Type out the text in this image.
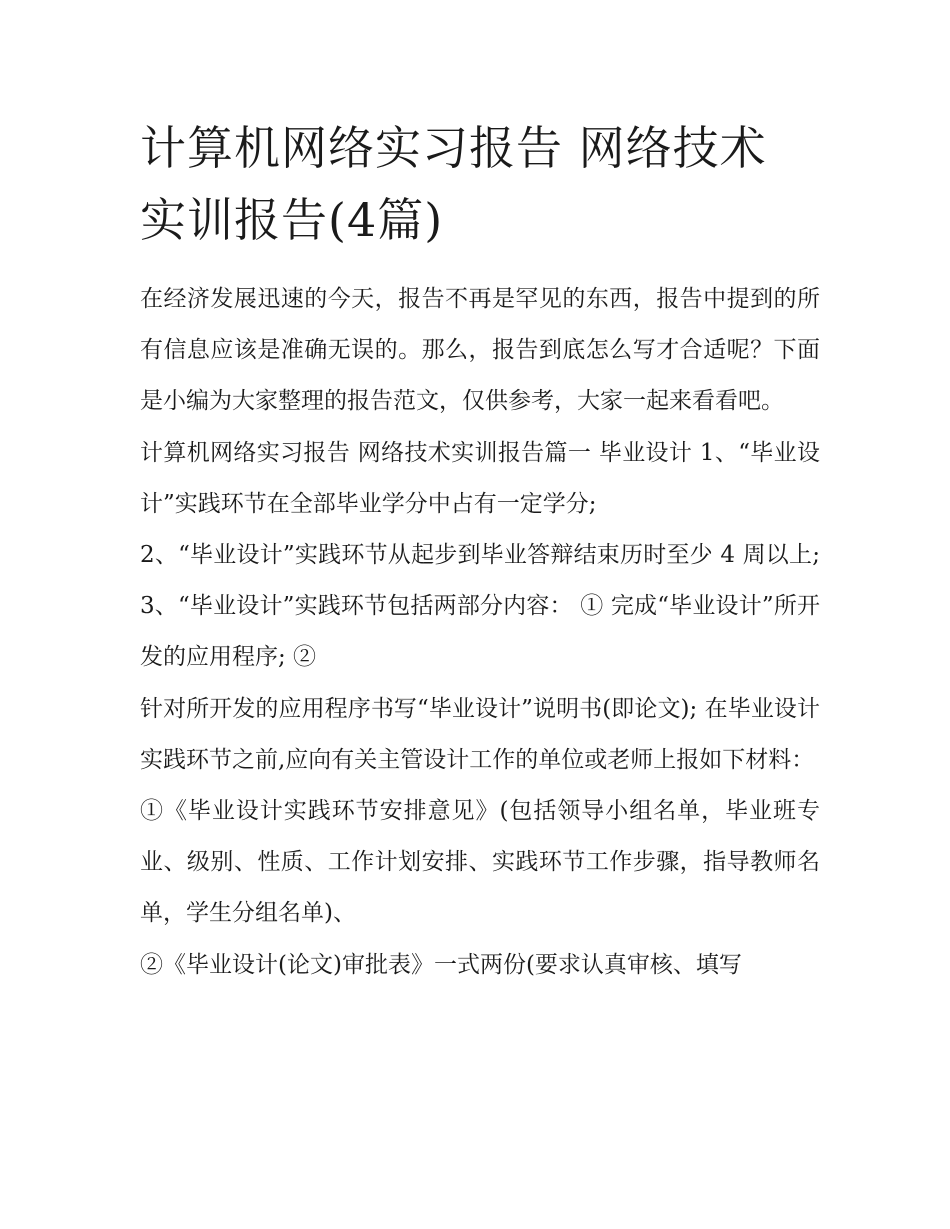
计算机网络实习报告 网络技术实训报告(4篇)

在经济发展迅速的今天，报告不再是罕见的东西，报告中提到的所有信息应该是准确无误的。那么，报告到底怎么写才合适呢？下面是小编为大家整理的报告范文，仅供参考，大家一起来看看吧。

计算机网络实习报告 网络技术实训报告篇一 毕业设计 1、“毕业设计”实践环节在全部毕业学分中占有一定学分;

2、“毕业设计”实践环节从起步到毕业答辩结束历时至少 4 周以上; 3、“毕业设计”实践环节包括两部分内容： ① 完成“毕业设计”所开发的应用程序; ②

针对所开发的应用程序书写“毕业设计”说明书(即论文); 在毕业设计实践环节之前,应向有关主管设计工作的单位或老师上报如下材料：

①《毕业设计实践环节安排意见》(包括领导小组名单，毕业班专业、级别、性质、工作计划安排、实践环节工作步骤，指导教师名单，学生分组名单)、

②《毕业设计(论文)审批表》一式两份(要求认真审核、填写
